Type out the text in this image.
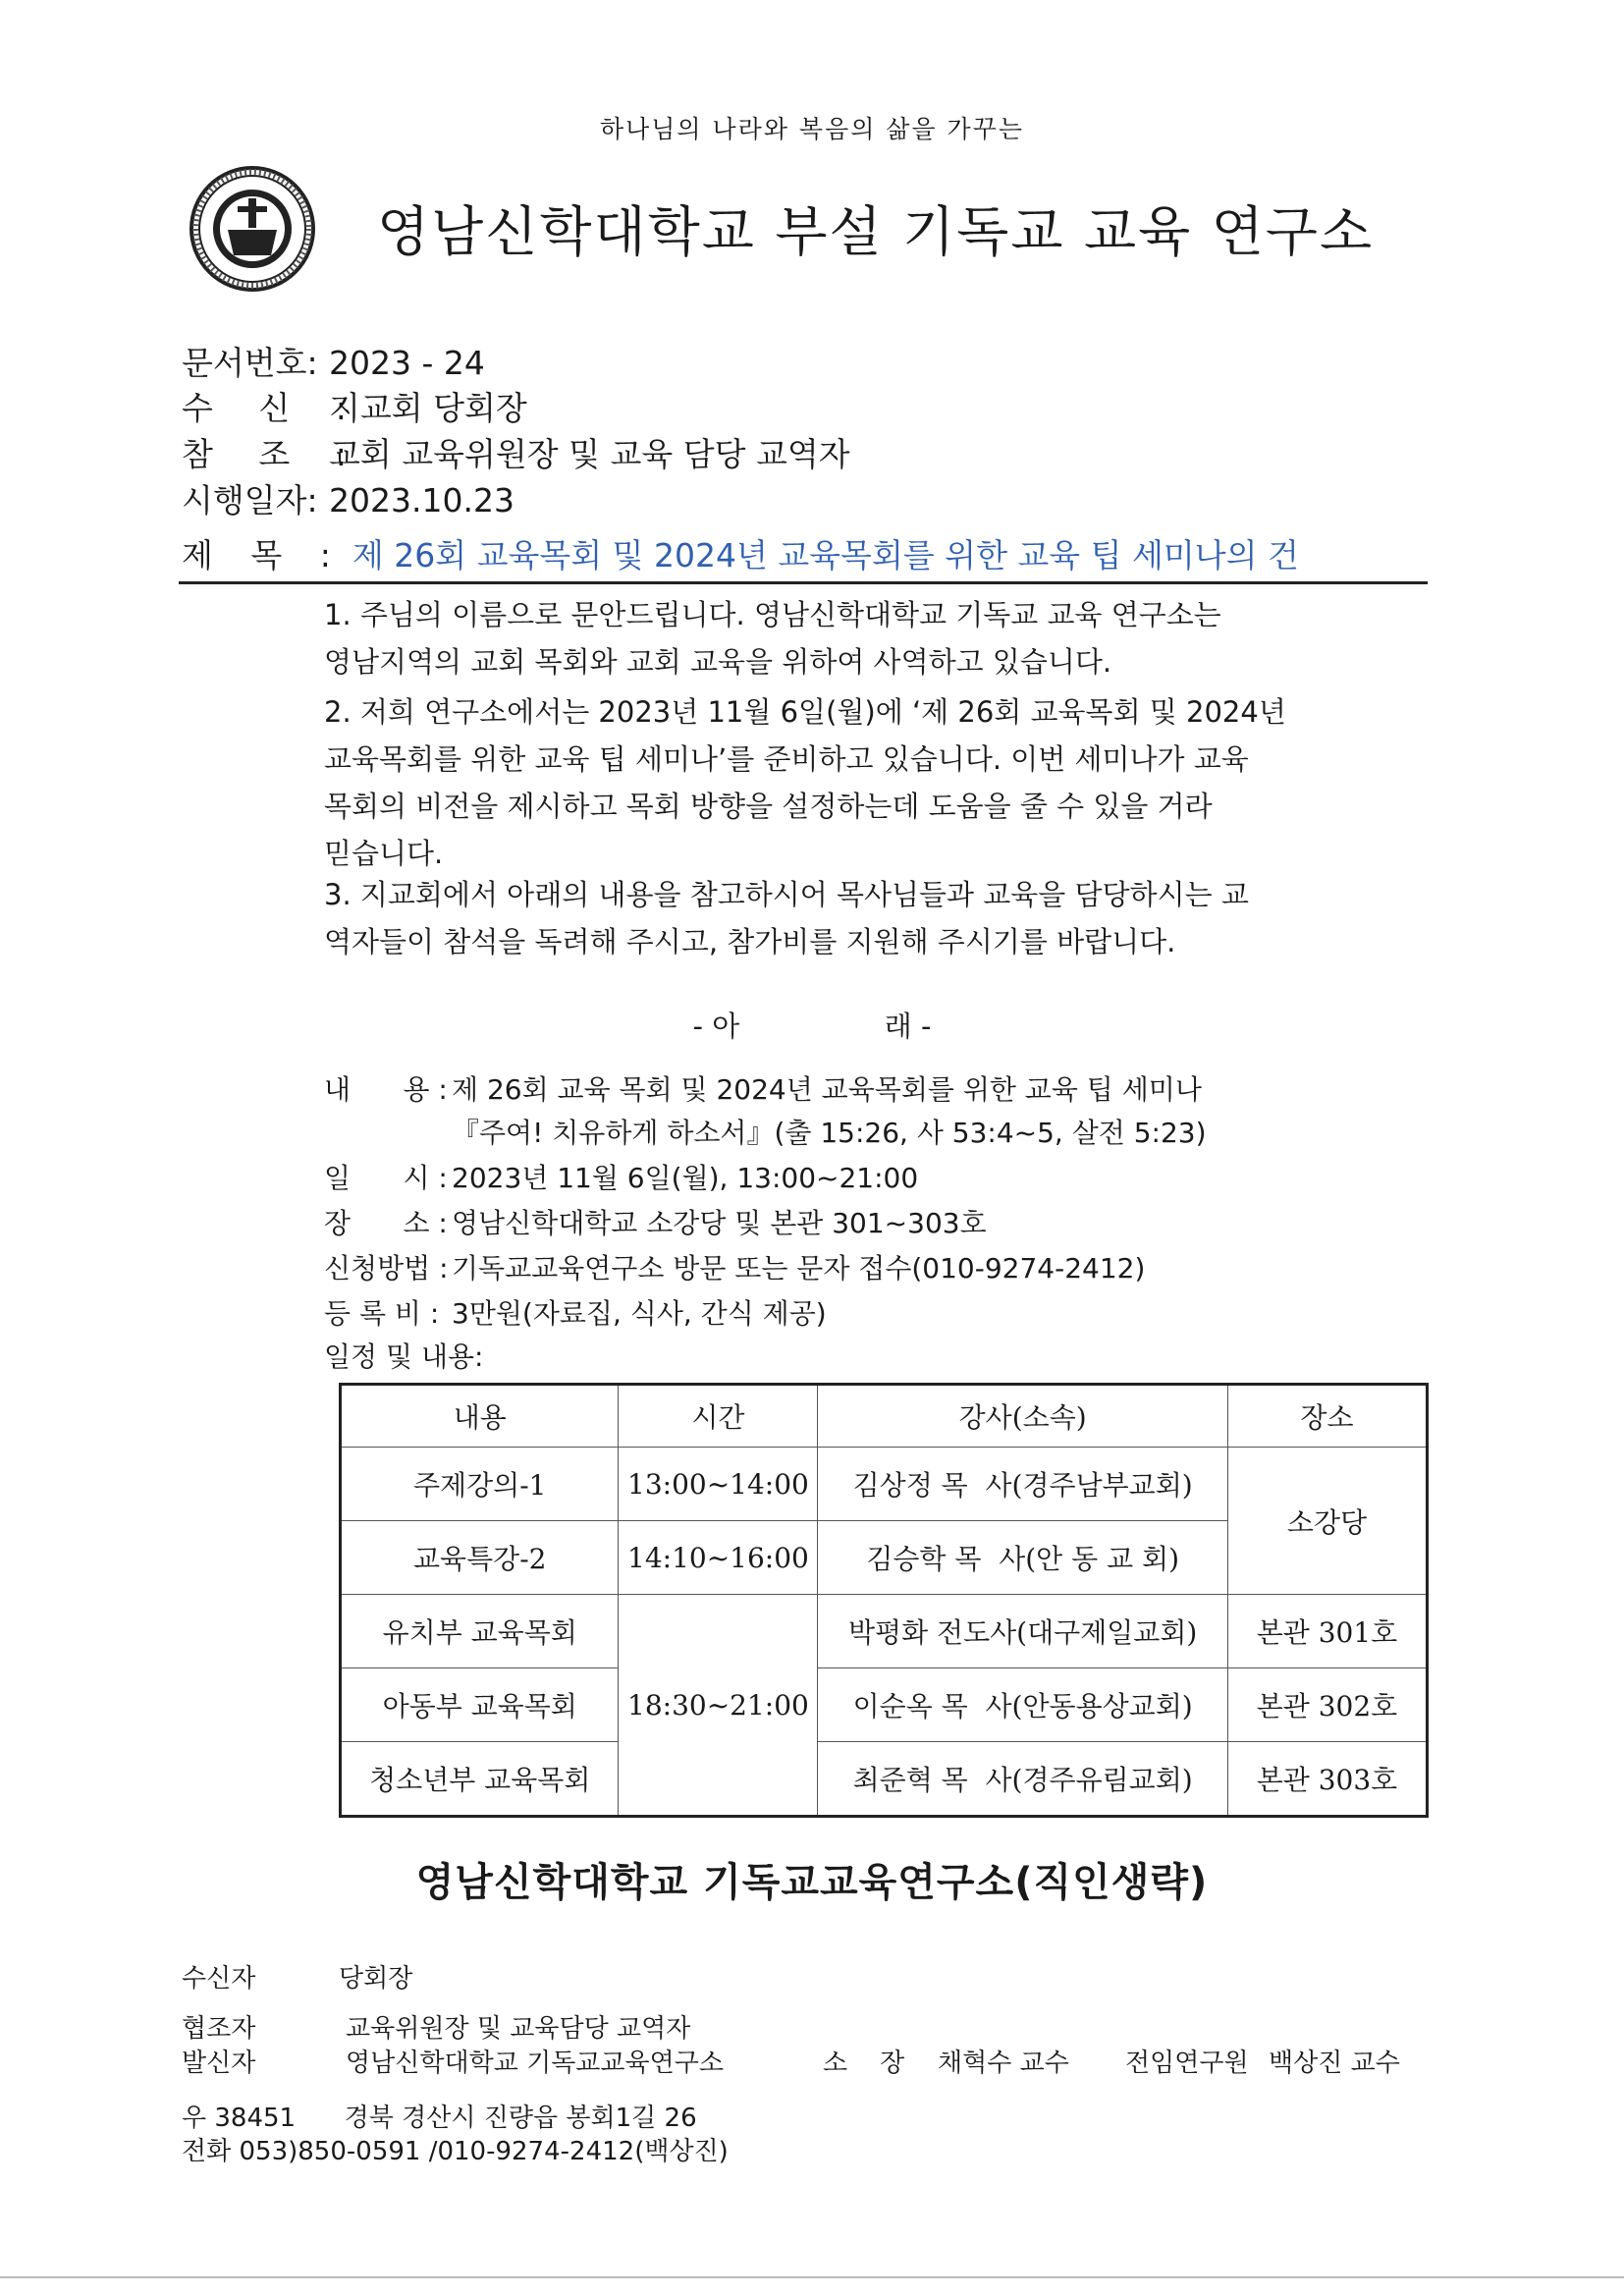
하나님의 나라와 복음의 삶을 가꾸는
영남신학대학교 부설 기독교 교육 연구소
문서번호: 2023 - 24
수 신 :지교회 당회장
참 조 :교회 교육위원장 및 교육 담당 교역자
시행일자: 2023.10.23
제 목 : 제 26회 교육목회 및 2024년 교육목회를 위한 교육 팁 세미나의 건
1. 주님의 이름으로 문안드립니다. 영남신학대학교 기독교 교육 연구소는
영남지역의 교회 목회와 교회 교육을 위하여 사역하고 있습니다.
2. 저희 연구소에서는 2023년 11월 6일(월)에 ‘제 26회 교육목회 및 2024년
교육목회를 위한 교육 팁 세미나’를 준비하고 있습니다. 이번 세미나가 교육
목회의 비전을 제시하고 목회 방향을 설정하는데 도움을 줄 수 있을 거라
믿습니다.
3. 지교회에서 아래의 내용을 참고하시어 목사님들과 교육을 담당하시는 교
역자들이 참석을 독려해 주시고, 참가비를 지원해 주시기를 바랍니다.
- 아                래 -
내      용 : 제 26회 교육 목회 및 2024년 교육목회를 위한 교육 팁 세미나
『주여! 치유하게 하소서』(출 15:26, 사 53:4~5, 살전 5:23)
일      시 : 2023년 11월 6일(월), 13:00~21:00
장      소 : 영남신학대학교 소강당 및 본관 301~303호
신청방법 : 기독교교육연구소 방문 또는 문자 접수(010-9274-2412)
등 록 비 : 3만원(자료집, 식사, 간식 제공)
일정 및 내용:
내용	시간	강사(소속)	장소
주제강의-1	13:00~14:00	김상정 목  사(경주남부교회)	소강당
교육특강-2	14:10~16:00	김승학 목  사(안 동 교 회)	
유치부 교육목회	18:30~21:00	박평화 전도사(대구제일교회)	본관 301호
아동부 교육목회		이순옥 목  사(안동용상교회)	본관 302호
청소년부 교육목회		최준혁 목  사(경주유림교회)	본관 303호
영남신학대학교 기독교교육연구소(직인생략)
수신자	당회장
협조자	교육위원장 및 교육담당 교역자
발신자	영남신학대학교 기독교교육연구소	소    장 채혁수 교수 전임연구원 백상진 교수
우 38451      경북 경산시 진량읍 봉회1길 26
전화 053)850-0591 /010-9274-2412(백상진)
